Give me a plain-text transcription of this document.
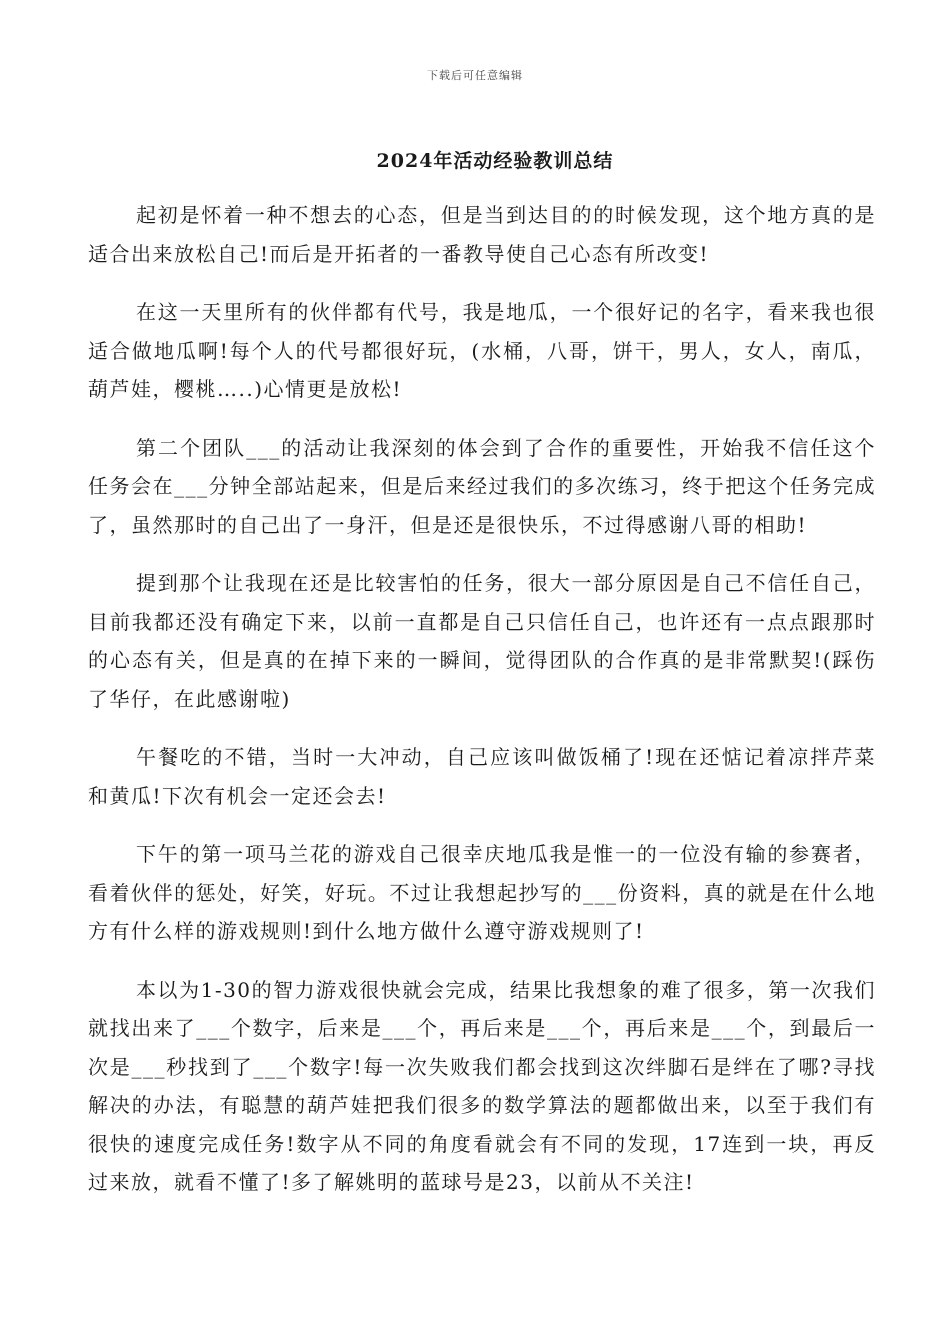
下载后可任意编辑
2024年活动经验教训总结

起初是怀着一种不想去的心态，但是当到达目的的时候发现，这个地方真的是适合出来放松自己!而后是开拓者的一番教导使自己心态有所改变!

在这一天里所有的伙伴都有代号，我是地瓜，一个很好记的名字，看来我也很适合做地瓜啊!每个人的代号都很好玩，(水桶，八哥，饼干，男人，女人，南瓜，葫芦娃，樱桃…..)心情更是放松!

第二个团队___的活动让我深刻的体会到了合作的重要性，开始我不信任这个任务会在___分钟全部站起来，但是后来经过我们的多次练习，终于把这个任务完成了，虽然那时的自己出了一身汗，但是还是很快乐，不过得感谢八哥的相助!

提到那个让我现在还是比较害怕的任务，很大一部分原因是自己不信任自己，目前我都还没有确定下来，以前一直都是自己只信任自己，也许还有一点点跟那时的心态有关，但是真的在掉下来的一瞬间，觉得团队的合作真的是非常默契!(踩伤了华仔，在此感谢啦)

午餐吃的不错，当时一大冲动，自己应该叫做饭桶了!现在还惦记着凉拌芹菜和黄瓜!下次有机会一定还会去!

下午的第一项马兰花的游戏自己很幸庆地瓜我是惟一的一位没有输的参赛者，看着伙伴的惩处，好笑，好玩。不过让我想起抄写的___份资料，真的就是在什么地方有什么样的游戏规则!到什么地方做什么遵守游戏规则了!

本以为1-30的智力游戏很快就会完成，结果比我想象的难了很多，第一次我们就找出来了___个数字，后来是___个，再后来是___个，再后来是___个，到最后一次是___秒找到了___个数字!每一次失败我们都会找到这次绊脚石是绊在了哪?寻找解决的办法，有聪慧的葫芦娃把我们很多的数学算法的题都做出来，以至于我们有很快的速度完成任务!数字从不同的角度看就会有不同的发现，17连到一块，再反过来放，就看不懂了!多了解姚明的蓝球号是23，以前从不关注!
